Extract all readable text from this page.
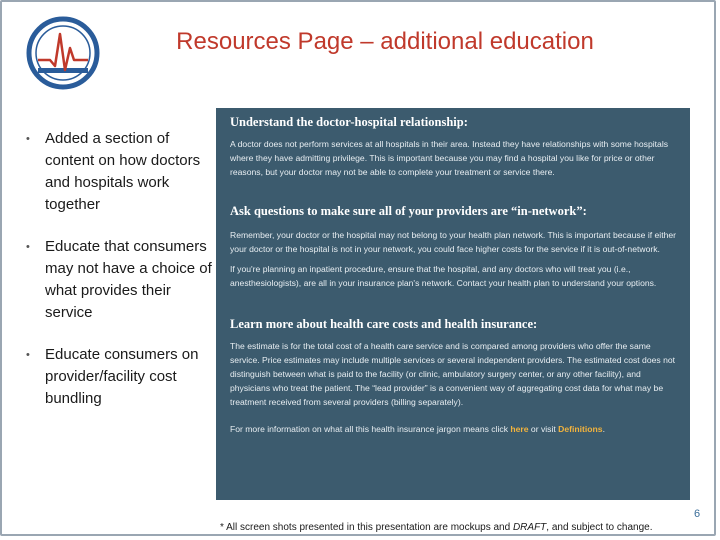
Resources Page – additional education
• Added a section of content on how doctors and hospitals work together
• Educate that consumers may not have a choice of what provides their service
• Educate consumers on provider/facility cost bundling
Understand the doctor-hospital relationship:

A doctor does not perform services at all hospitals in their area. Instead they have relationships with some hospitals where they have admitting privilege. This is important because you may find a hospital you like for price or other reasons, but your doctor may not be able to complete your treatment or service there.

Ask questions to make sure all of your providers are “in-network”:

Remember, your doctor or the hospital may not belong to your health plan network. This is important because if either your doctor or the hospital is not in your network, you could face higher costs for the service if it is out-of-network.

If you're planning an inpatient procedure, ensure that the hospital, and any doctors who will treat you (i.e., anesthesiologists), are all in your insurance plan's network. Contact your health plan to understand your options.

Learn more about health care costs and health insurance:

The estimate is for the total cost of a health care service and is compared among providers who offer the same service. Price estimates may include multiple services or several independent providers. The estimated cost does not distinguish between what is paid to the facility (or clinic, ambulatory surgery center, or any other facility), and physicians who treat the patient. The “lead provider” is a convenient way of aggregating cost data for what may be treatment received from several providers (billing separately).

For more information on what all this health insurance jargon means click here or visit Definitions.

6
* All screen shots presented in this presentation are mockups and DRAFT, and subject to change.
